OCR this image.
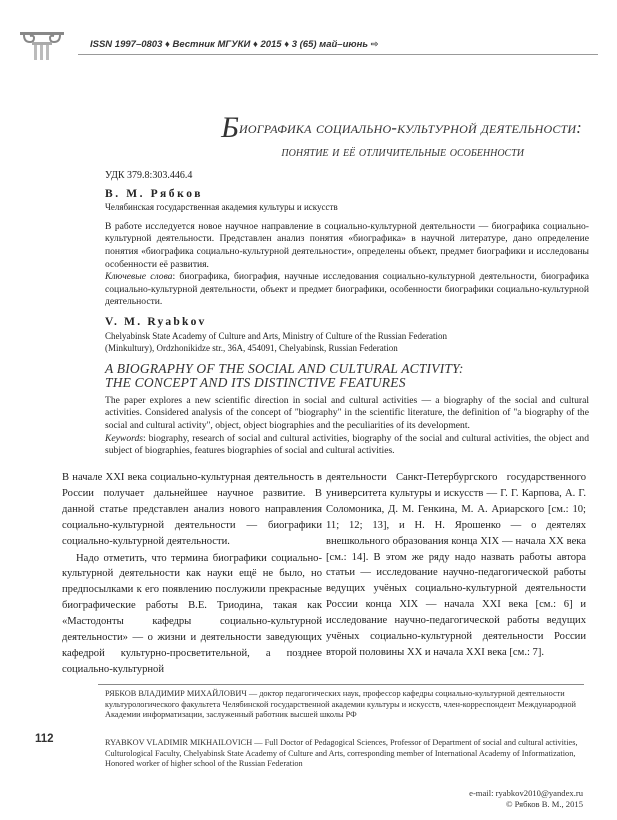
ISSN 1997–0803 ♦ Вестник МГУКИ ♦ 2015 ♦ 3 (65) май–июнь ⇨
Биографика социально-культурной деятельности:
понятие и её отличительные особенности
УДК 379.8:303.446.4
В. М. Рябков
Челябинская государственная академия культуры и искусств
В работе исследуется новое научное направление в социально-культурной деятельности — биографика социально-культурной деятельности. Представлен анализ понятия «биографика» в научной литературе, дано определение понятия «биографика социально-культурной деятельности», определены объект, предмет биографики и исследованы особенности её развития.
Ключевые слова: биографика, биография, научные исследования социально-культурной деятельности, биографика социально-культурной деятельности, объект и предмет биографики, особенности биографики социально-культурной деятельности.
V. M. Ryabkov
Chelyabinsk State Academy of Culture and Arts, Ministry of Culture of the Russian Federation
(Minkultury), Ordzhonikidze str., 36A, 454091, Chelyabinsk, Russian Federation
A BIOGRAPHY OF THE SOCIAL AND CULTURAL ACTIVITY:
THE CONCEPT AND ITS DISTINCTIVE FEATURES
The paper explores a new scientific direction in social and cultural activities — a biography of the social and cultural activities. Considered analysis of the concept of "biography" in the scientific literature, the definition of "a biography of the social and cultural activity", object, object biographies and the peculiarities of its development.
Keywords: biography, research of social and cultural activities, biography of the social and cultural activities, the object and subject of biographies, features biographies of social and cultural activities.

В начале XXI века социально-культурная деятельность в России получает дальнейшее научное развитие. В данной статье представлен анализ нового направления социально-культурной деятельности — биографики социально-культурной деятельности.

Надо отметить, что термина биографики социально-культурной деятельности как науки ещё не было, но предпосылками к его появлению послужили прекрасные биографические работы В.Е. Триодина, такая как «Мастодонты кафедры социально-культурной деятельности» — о жизни и деятельности заведующих кафедрой культурно-просветительной, а позднее социально-культурной

деятельности Санкт-Петербургского государственного университета культуры и искусств — Г. Г. Карпова, А. Г. Соломоника, Д. М. Генкина, М. А. Ариарского [см.: 10; 11; 12; 13], и Н. Н. Ярошенко — о деятелях внешкольного образования конца XIX — начала XX века [см.: 14]. В этом же ряду надо назвать работы автора статьи — исследование научно-педагогической работы ведущих учёных социально-культурной деятельности России конца XIX — начала XXI века [см.: 6] и исследование научно-педагогической работы ведущих учёных социально-культурной деятельности России второй половины XX и начала XXI века [см.: 7].

РЯБКОВ ВЛАДИМИР МИХАЙЛОВИЧ — доктор педагогических наук, профессор кафедры социально-культурной деятельности культурологического факультета Челябинской государственной академии культуры и искусств, член-корреспондент Международной Академии информатизации, заслуженный работник высшей школы РФ
RYABKOV VLADIMIR MIKHAILOVICH — Full Doctor of Pedagogical Sciences, Professor of Department of social and cultural activities, Culturological Faculty, Chelyabinsk State Academy of Culture and Arts, corresponding member of International Academy of Informatization, Honored worker of higher school of the Russian Federation
112
e-mail: ryabkov2010@yandex.ru
© Рябков В. М., 2015
